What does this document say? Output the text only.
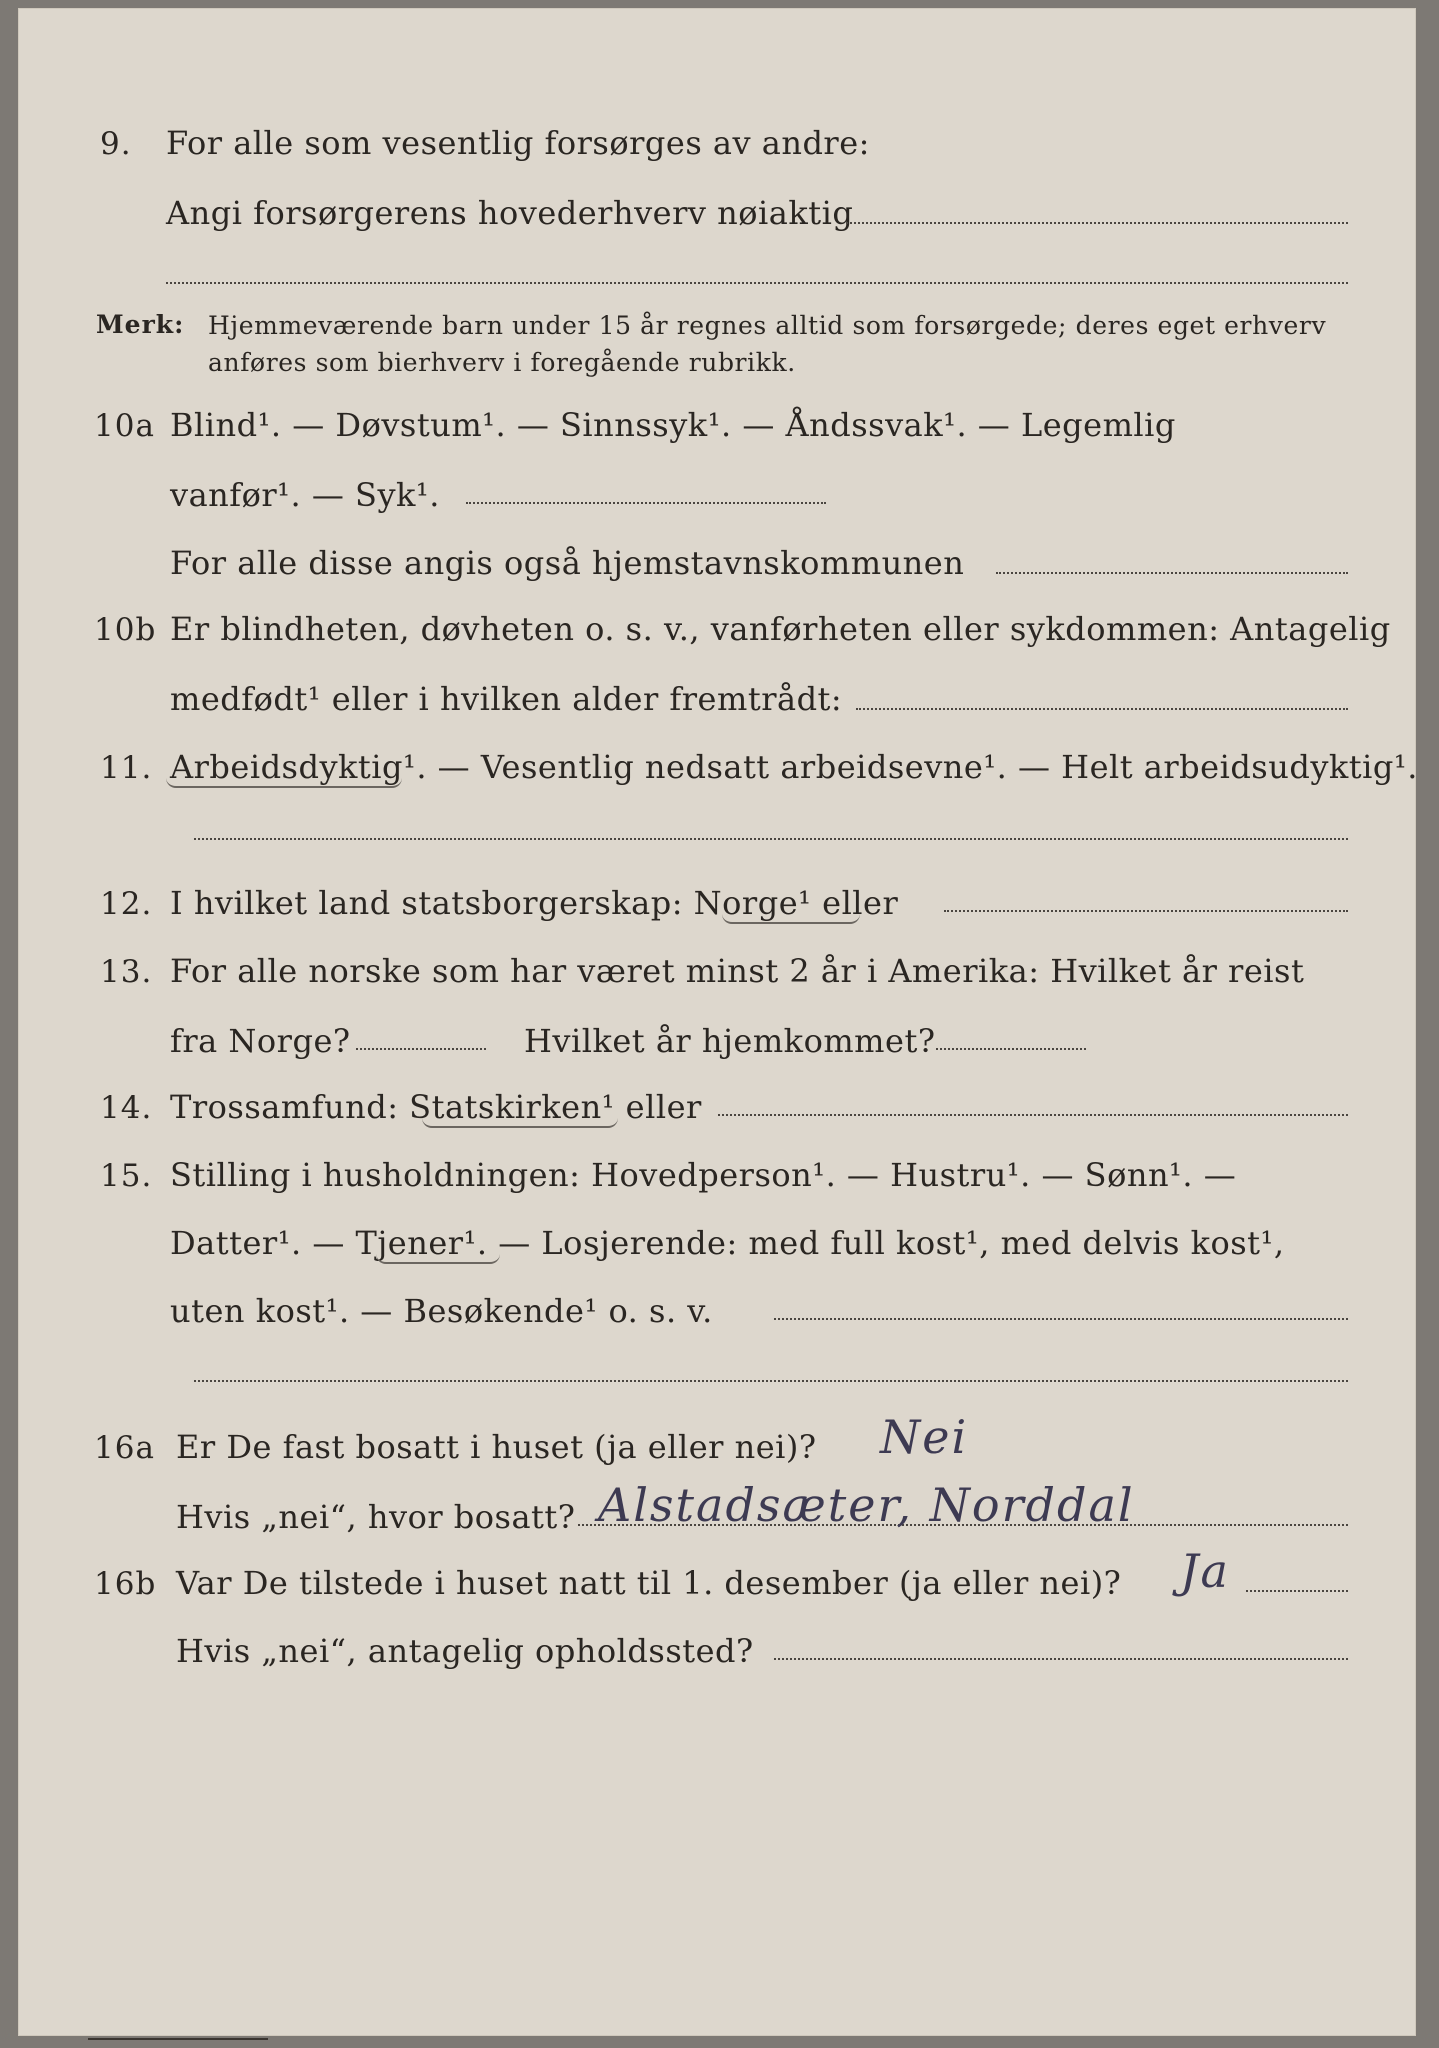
9. For alle som vesentlig forsørges av andre:
Angi forsørgerens hovederhverv nøiaktig
Merk: Hjemmeværende barn under 15 år regnes alltid som forsørgede; deres eget erhverv
anføres som bierhverv i foregående rubrikk.
10a Blind¹. — Døvstum¹. — Sinnssyk¹. — Åndssvak¹. — Legemlig
vanfør¹. — Syk¹.
For alle disse angis også hjemstavnskommunen
10b Er blindheten, døvheten o. s. v., vanførheten eller sykdommen: Antagelig
medfødt¹ eller i hvilken alder fremtrådt:
11. Arbeidsdyktig¹. — Vesentlig nedsatt arbeidsevne¹. — Helt arbeidsudyktig¹.
12. I hvilket land statsborgerskap: Norge¹ eller
13. For alle norske som har været minst 2 år i Amerika: Hvilket år reist
fra Norge?	Hvilket år hjemkommet?
14. Trossamfund: Statskirken¹ eller
15. Stilling i husholdningen: Hovedperson¹. — Hustru¹. — Sønn¹. —
Datter¹. — Tjener¹. — Losjerende: med full kost¹, med delvis kost¹,
uten kost¹. — Besøkende¹ o. s. v.
16a Er De fast bosatt i huset (ja eller nei)? Nei
Hvis „nei“, hvor bosatt? Alstadsæter, Norddal
16b Var De tilstede i huset natt til 1. desember (ja eller nei)? Ja
Hvis „nei“, antagelig opholdssted?
